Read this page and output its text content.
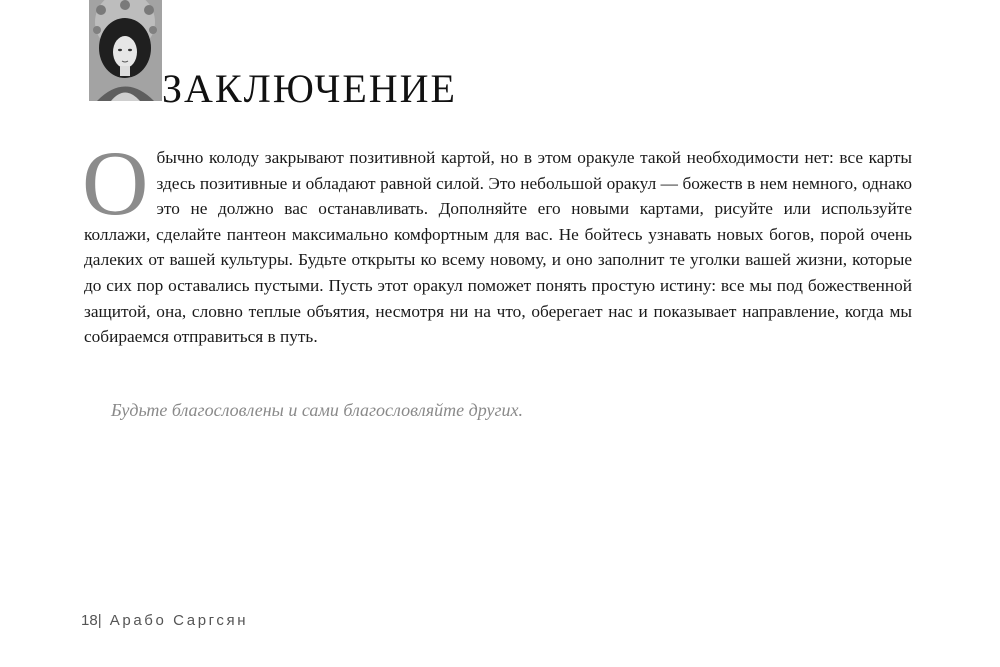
ЗАКЛЮЧЕНИЕ

Обычно колоду закрывают позитивной картой, но в этом оракуле такой необходимости нет: все карты здесь позитивные и обладают равной силой. Это небольшой оракул — божеств в нем немного, однако это не должно вас останавливать. Дополняйте его новыми картами, рисуйте или используйте коллажи, сделайте пантеон максимально комфортным для вас. Не бойтесь узнавать новых богов, порой очень далеких от вашей культуры. Будьте открыты ко всему новому, и оно заполнит те уголки вашей жизни, которые до сих пор оставались пустыми. Пусть этот оракул поможет понять простую истину: все мы под божественной защитой, она, словно теплые объятия, несмотря ни на что, оберегает нас и показывает направление, когда мы собираемся отправиться в путь.

Будьте благословлены и сами благословляйте других.

18| Арабо Саргсян
